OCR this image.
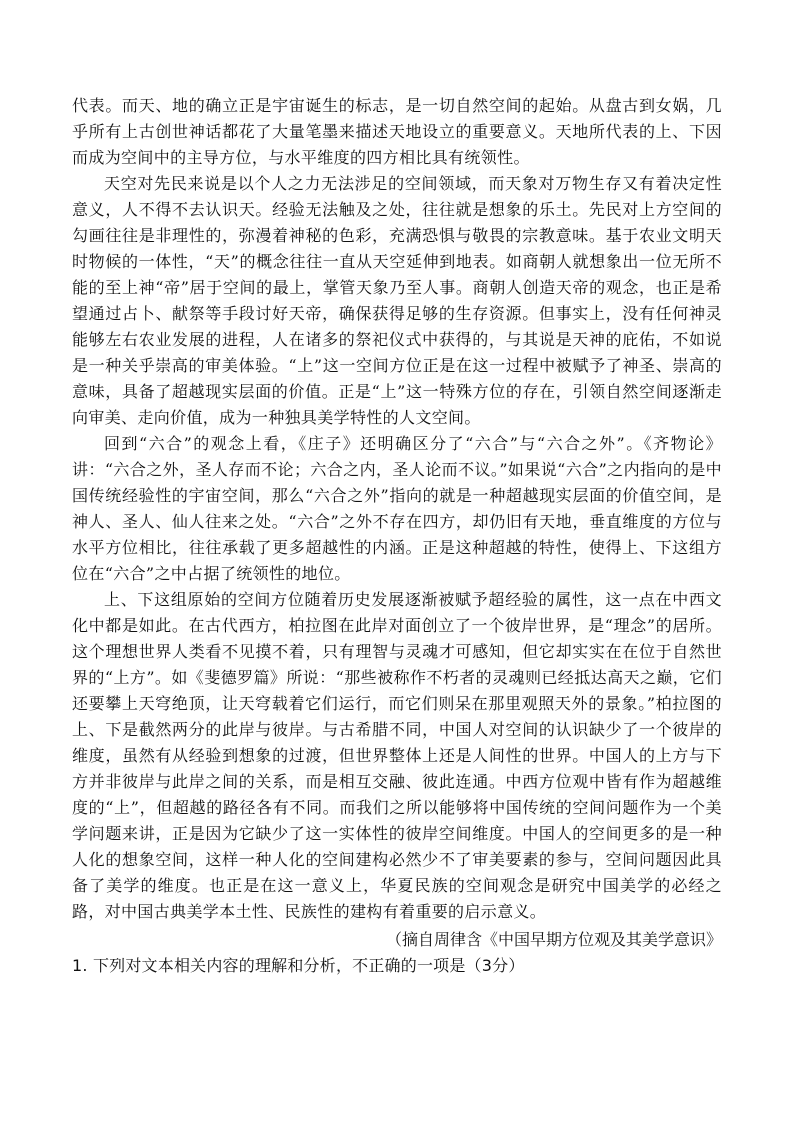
代表。而天、地的确立正是宇宙诞生的标志，是一切自然空间的起始。从盘古到女娲，几乎所有上古创世神话都花了大量笔墨来描述天地设立的重要意义。天地所代表的上、下因而成为空间中的主导方位，与水平维度的四方相比具有统领性。

天空对先民来说是以个人之力无法涉足的空间领域，而天象对万物生存又有着决定性意义，人不得不去认识天。经验无法触及之处，往往就是想象的乐土。先民对上方空间的勾画往往是非理性的，弥漫着神秘的色彩，充满恐惧与敬畏的宗教意味。基于农业文明天时物候的一体性，“天”的概念往往一直从天空延伸到地表。如商朝人就想象出一位无所不能的至上神“帝”居于空间的最上，掌管天象乃至人事。商朝人创造天帝的观念，也正是希望通过占卜、献祭等手段讨好天帝，确保获得足够的生存资源。但事实上，没有任何神灵能够左右农业发展的进程，人在诸多的祭祀仪式中获得的，与其说是天神的庇佑，不如说是一种关乎崇高的审美体验。“上”这一空间方位正是在这一过程中被赋予了神圣、崇高的意味，具备了超越现实层面的价值。正是“上”这一特殊方位的存在，引领自然空间逐渐走向审美、走向价值，成为一种独具美学特性的人文空间。

回到“六合”的观念上看，《庄子》还明确区分了“六合”与“六合之外”。《齐物论》讲：“六合之外，圣人存而不论；六合之内，圣人论而不议。”如果说“六合”之内指向的是中国传统经验性的宇宙空间，那么“六合之外”指向的就是一种超越现实层面的价值空间，是神人、圣人、仙人往来之处。“六合”之外不存在四方，却仍旧有天地，垂直维度的方位与水平方位相比，往往承载了更多超越性的内涵。正是这种超越的特性，使得上、下这组方位在“六合”之中占据了统领性的地位。

上、下这组原始的空间方位随着历史发展逐渐被赋予超经验的属性，这一点在中西文化中都是如此。在古代西方，柏拉图在此岸对面创立了一个彼岸世界，是“理念”的居所。这个理想世界人类看不见摸不着，只有理智与灵魂才可感知，但它却实实在在位于自然世界的“上方”。如《斐德罗篇》所说：“那些被称作不朽者的灵魂则已经抵达高天之巅，它们还要攀上天穹绝顶，让天穹载着它们运行，而它们则呆在那里观照天外的景象。”柏拉图的上、下是截然两分的此岸与彼岸。与古希腊不同，中国人对空间的认识缺少了一个彼岸的维度，虽然有从经验到想象的过渡，但世界整体上还是人间性的世界。中国人的上方与下方并非彼岸与此岸之间的关系，而是相互交融、彼此连通。中西方位观中皆有作为超越维度的“上”，但超越的路径各有不同。而我们之所以能够将中国传统的空间问题作为一个美学问题来讲，正是因为它缺少了这一实体性的彼岸空间维度。中国人的空间更多的是一种人化的想象空间，这样一种人化的空间建构必然少不了审美要素的参与，空间问题因此具备了美学的维度。也正是在这一意义上，华夏民族的空间观念是研究中国美学的必经之路，对中国古典美学本土性、民族性的建构有着重要的启示意义。

（摘自周律含《中国早期方位观及其美学意识》

1. 下列对文本相关内容的理解和分析，不正确的一项是（3分）
